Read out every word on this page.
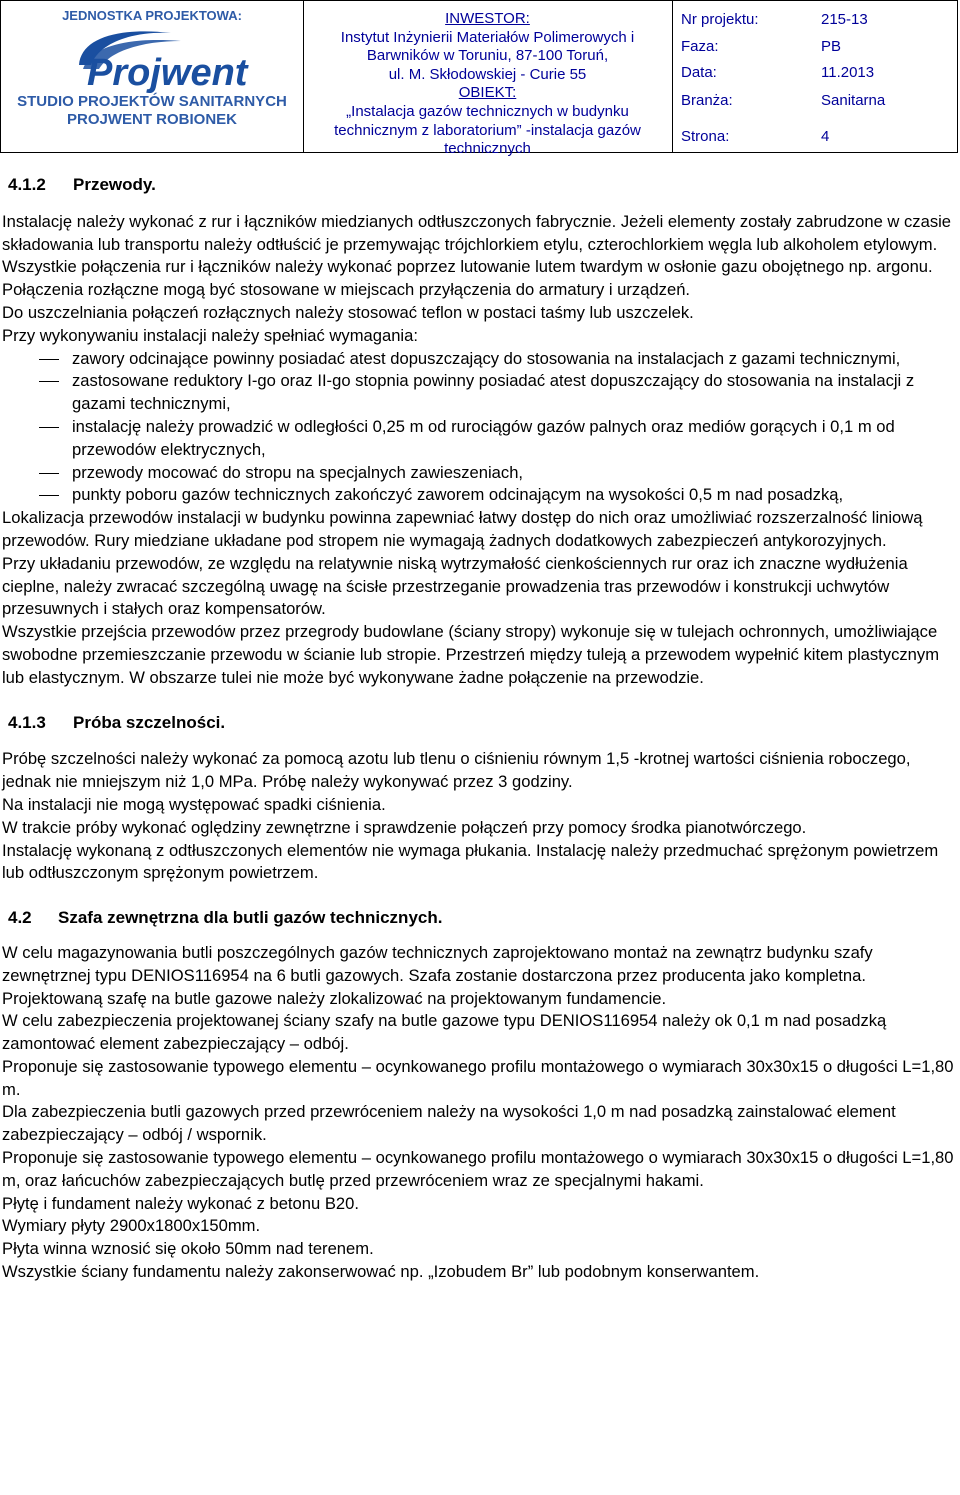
JEDNOSTKA PROJEKTOWA:
Projwent
STUDIO PROJEKTÓW SANITARNYCH
PROJWENT ROBIONEK
INWESTOR:
Instytut Inżynierii Materiałów Polimerowych i
Barwników w Toruniu, 87-100 Toruń,
ul. M. Skłodowskiej - Curie 55
OBIEKT:
„Instalacja gazów technicznych w budynku
technicznym z laboratorium” -instalacja gazów
technicznych
Nr projektu:	215-13
Faza:	PB
Data:	11.2013
Branża:	Sanitarna
Strona:	4
4.1.2	Przewody.

Instalację należy wykonać z rur i łączników miedzianych odtłuszczonych fabrycznie. Jeżeli elementy zostały zabrudzone w czasie składowania lub transportu należy odtłuścić je przemywając trójchlorkiem etylu, czterochlorkiem węgla lub alkoholem etylowym.

Wszystkie połączenia rur i łączników należy wykonać poprzez lutowanie lutem twardym w osłonie gazu obojętnego np. argonu. Połączenia rozłączne mogą być stosowane w miejscach przyłączenia do armatury i urządzeń.

Do uszczelniania połączeń rozłącznych należy stosować teflon w postaci taśmy lub uszczelek.

Przy wykonywaniu instalacji należy spełniać wymagania:

zawory odcinające powinny posiadać atest dopuszczający do stosowania na instalacjach z gazami technicznymi,
zastosowane reduktory I-go oraz II-go stopnia powinny posiadać atest dopuszczający do stosowania na instalacji z gazami technicznymi,
instalację należy prowadzić w odległości 0,25 m od rurociągów gazów palnych oraz mediów gorących i 0,1 m od przewodów elektrycznych,
przewody mocować do stropu na specjalnych zawieszeniach,
punkty poboru gazów technicznych zakończyć zaworem odcinającym na wysokości 0,5 m nad posadzką,

Lokalizacja przewodów instalacji w budynku powinna zapewniać łatwy dostęp do nich oraz umożliwiać rozszerzalność liniową przewodów. Rury miedziane układane pod stropem nie wymagają żadnych dodatkowych zabezpieczeń antykorozyjnych.

Przy układaniu przewodów, ze względu na relatywnie niską wytrzymałość cienkościennych rur oraz ich znaczne wydłużenia cieplne, należy zwracać szczególną uwagę na ścisłe przestrzeganie prowadzenia tras przewodów i konstrukcji uchwytów przesuwnych i stałych oraz kompensatorów.

Wszystkie przejścia przewodów przez przegrody budowlane (ściany stropy) wykonuje się w tulejach ochronnych, umożliwiające swobodne przemieszczanie przewodu w ścianie lub stropie. Przestrzeń między tuleją a przewodem wypełnić kitem plastycznym lub elastycznym. W obszarze tulei nie może być wykonywane żadne połączenie na przewodzie.

4.1.3	Próba szczelności.

Próbę szczelności należy wykonać za pomocą azotu lub tlenu o ciśnieniu równym 1,5 -krotnej wartości ciśnienia roboczego, jednak nie mniejszym niż 1,0 MPa. Próbę należy wykonywać przez 3 godziny.

Na instalacji nie mogą występować spadki ciśnienia.

W trakcie próby wykonać oględziny zewnętrzne i sprawdzenie połączeń przy pomocy środka pianotwórczego.

Instalację wykonaną z odtłuszczonych elementów nie wymaga płukania. Instalację należy przedmuchać sprężonym powietrzem lub odtłuszczonym sprężonym powietrzem.

4.2	Szafa zewnętrzna dla butli gazów technicznych.

W celu magazynowania butli poszczególnych gazów technicznych zaprojektowano montaż na zewnątrz budynku szafy zewnętrznej typu DENIOS116954 na 6 butli gazowych. Szafa zostanie dostarczona przez producenta jako kompletna. Projektowaną szafę na butle gazowe należy zlokalizować na projektowanym fundamencie.

W celu zabezpieczenia projektowanej ściany szafy na butle gazowe typu DENIOS116954 należy ok 0,1 m nad posadzką zamontować element zabezpieczający – odbój.

Proponuje się zastosowanie typowego elementu – ocynkowanego profilu montażowego o wymiarach 30x30x15 o długości L=1,80 m.

Dla zabezpieczenia butli gazowych przed przewróceniem należy na wysokości 1,0 m nad posadzką zainstalować element zabezpieczający – odbój / wspornik.

Proponuje się zastosowanie typowego elementu – ocynkowanego profilu montażowego o wymiarach 30x30x15 o długości L=1,80 m, oraz łańcuchów zabezpieczających butlę przed przewróceniem wraz ze specjalnymi hakami.

Płytę i fundament należy wykonać z betonu B20.

Wymiary płyty 2900x1800x150mm.

Płyta winna wznosić się około 50mm nad terenem.

Wszystkie ściany fundamentu należy zakonserwować np. „Izobudem Br” lub podobnym konserwantem.
